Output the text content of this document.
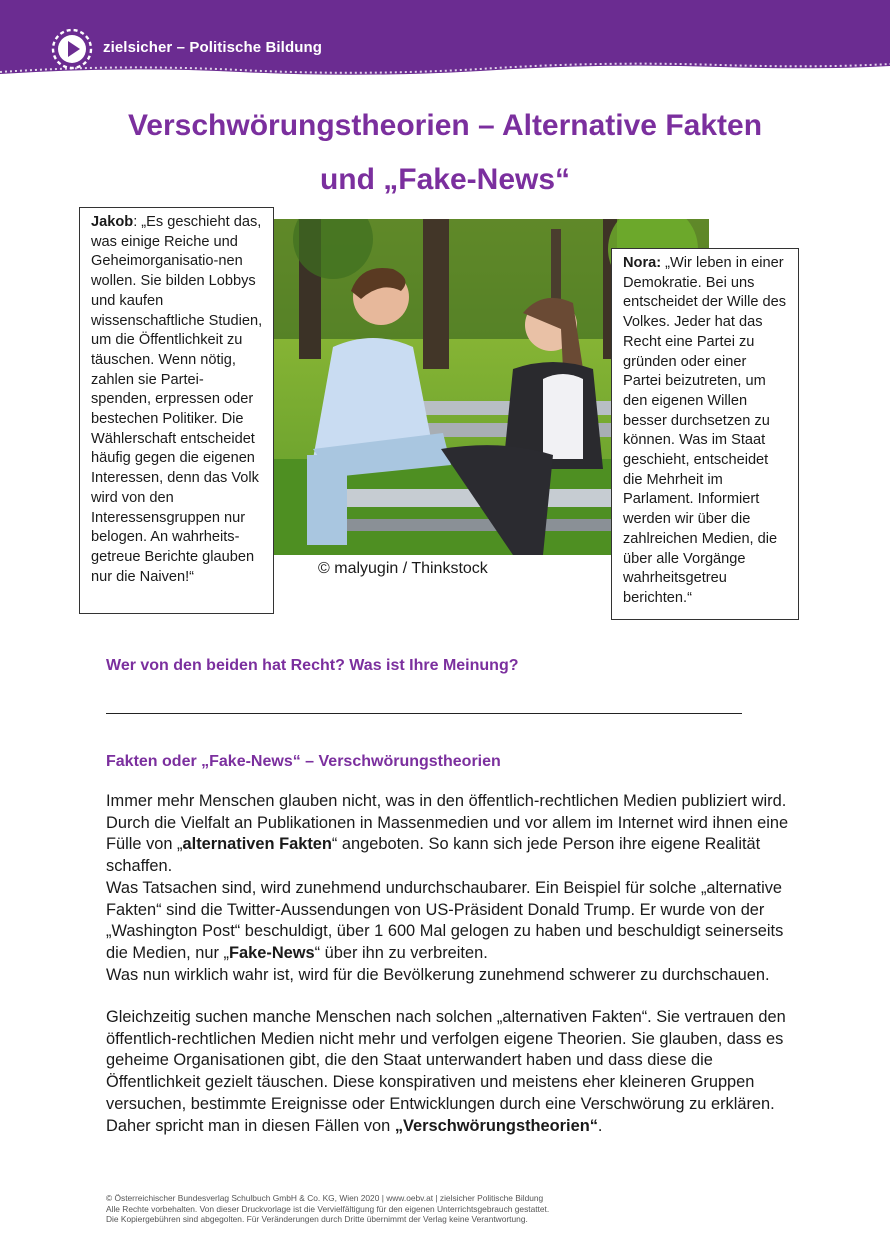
zielsicher – Politische Bildung
Verschwörungstheorien – Alternative Fakten
und „Fake-News“
© malyugin / Thinkstock
Jakob: „Es geschieht das, was einige Reiche und Geheimorganisatio-nen wollen. Sie bilden Lobbys und kaufen wissenschaftliche Studien, um die Öffentlichkeit zu täuschen. Wenn nötig, zahlen sie Partei-spenden, erpressen oder bestechen Politiker. Die Wählerschaft entscheidet häufig gegen die eigenen Interessen, denn das Volk wird von den Interessensgruppen nur belogen. An wahrheits-getreue Berichte glauben nur die Naiven!“
Nora: „Wir leben in einer Demokratie. Bei uns entscheidet der Wille des Volkes. Jeder hat das Recht eine Partei zu gründen oder einer Partei beizutreten, um den eigenen Willen besser durchsetzen zu können. Was im Staat geschieht, entscheidet die Mehrheit im Parlament. Informiert werden wir über die zahlreichen Medien, die über alle Vorgänge wahrheitsgetreu berichten.“
Wer von den beiden hat Recht? Was ist Ihre Meinung?
Fakten oder „Fake-News“ – Verschwörungstheorien

Immer mehr Menschen glauben nicht, was in den öffentlich-rechtlichen Medien publiziert wird. Durch die Vielfalt an Publikationen in Massenmedien und vor allem im Internet wird ihnen eine Fülle von „alternativen Fakten“ angeboten. So kann sich jede Person ihre eigene Realität schaffen.
Was Tatsachen sind, wird zunehmend undurchschaubarer. Ein Beispiel für solche „alternative Fakten“ sind die Twitter-Aussendungen von US-Präsident Donald Trump. Er wurde von der „Washington Post“ beschuldigt, über 1 600 Mal gelogen zu haben und beschuldigt seinerseits die Medien, nur „Fake-News“ über ihn zu verbreiten.
Was nun wirklich wahr ist, wird für die Bevölkerung zunehmend schwerer zu durchschauen.

Gleichzeitig suchen manche Menschen nach solchen „alternativen Fakten“. Sie vertrauen den öffentlich-rechtlichen Medien nicht mehr und verfolgen eigene Theorien. Sie glauben, dass es geheime Organisationen gibt, die den Staat unterwandert haben und dass diese die Öffentlichkeit gezielt täuschen. Diese konspirativen und meistens eher kleineren Gruppen versuchen, bestimmte Ereignisse oder Entwicklungen durch eine Verschwörung zu erklären. Daher spricht man in diesen Fällen von „Verschwörungstheorien“.

© Österreichischer Bundesverlag Schulbuch GmbH & Co. KG, Wien 2020 | www.oebv.at | zielsicher Politische Bildung
Alle Rechte vorbehalten. Von dieser Druckvorlage ist die Vervielfältigung für den eigenen Unterrichtsgebrauch gestattet.
Die Kopiergebühren sind abgegolten. Für Veränderungen durch Dritte übernimmt der Verlag keine Verantwortung.
